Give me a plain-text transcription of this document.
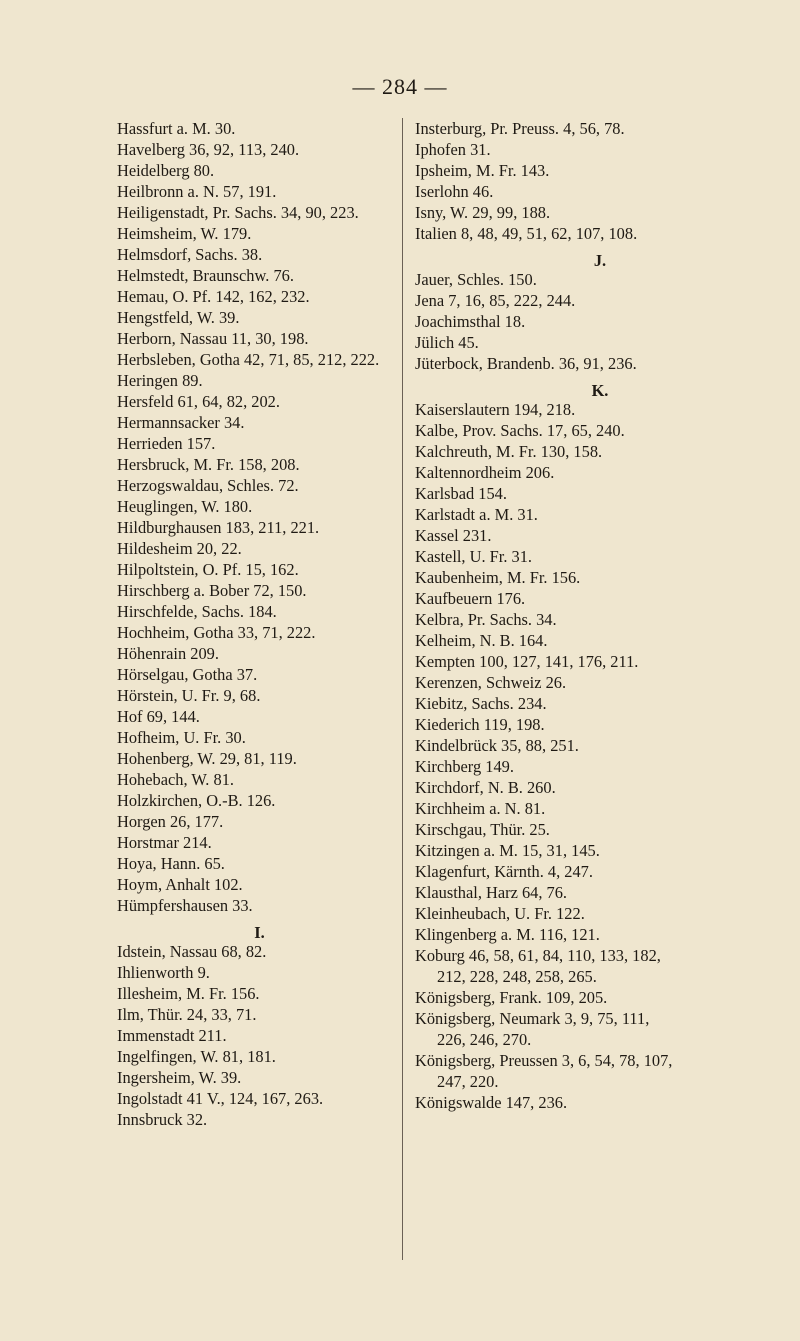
— 284 —
Hassfurt a. M. 30.
Havelberg 36, 92, 113, 240.
Heidelberg 80.
Heilbronn a. N. 57, 191.
Heiligenstadt, Pr. Sachs. 34, 90, 223.
Heimsheim, W. 179.
Helmsdorf, Sachs. 38.
Helmstedt, Braunschw. 76.
Hemau, O. Pf. 142, 162, 232.
Hengstfeld, W. 39.
Herborn, Nassau 11, 30, 198.
Herbsleben, Gotha 42, 71, 85, 212, 222.
Heringen 89.
Hersfeld 61, 64, 82, 202.
Hermannsacker 34.
Herrieden 157.
Hersbruck, M. Fr. 158, 208.
Herzogswaldau, Schles. 72.
Heuglingen, W. 180.
Hildburghausen 183, 211, 221.
Hildesheim 20, 22.
Hilpoltstein, O. Pf. 15, 162.
Hirschberg a. Bober 72, 150.
Hirschfelde, Sachs. 184.
Hochheim, Gotha 33, 71, 222.
Höhenrain 209.
Hörselgau, Gotha 37.
Hörstein, U. Fr. 9, 68.
Hof 69, 144.
Hofheim, U. Fr. 30.
Hohenberg, W. 29, 81, 119.
Hohebach, W. 81.
Holzkirchen, O.-B. 126.
Horgen 26, 177.
Horstmar 214.
Hoya, Hann. 65.
Hoym, Anhalt 102.
Hümpfershausen 33.
I.
Idstein, Nassau 68, 82.
Ihlienworth 9.
Illesheim, M. Fr. 156.
Ilm, Thür. 24, 33, 71.
Immenstadt 211.
Ingelfingen, W. 81, 181.
Ingersheim, W. 39.
Ingolstadt 41 V., 124, 167, 263.
Innsbruck 32.
Insterburg, Pr. Preuss. 4, 56, 78.
Iphofen 31.
Ipsheim, M. Fr. 143.
Iserlohn 46.
Isny, W. 29, 99, 188.
Italien 8, 48, 49, 51, 62, 107, 108.
J.
Jauer, Schles. 150.
Jena 7, 16, 85, 222, 244.
Joachimsthal 18.
Jülich 45.
Jüterbock, Brandenb. 36, 91, 236.
K.
Kaiserslautern 194, 218.
Kalbe, Prov. Sachs. 17, 65, 240.
Kalchreuth, M. Fr. 130, 158.
Kaltennordheim 206.
Karlsbad 154.
Karlstadt a. M. 31.
Kassel 231.
Kastell, U. Fr. 31.
Kaubenheim, M. Fr. 156.
Kaufbeuern 176.
Kelbra, Pr. Sachs. 34.
Kelheim, N. B. 164.
Kempten 100, 127, 141, 176, 211.
Kerenzen, Schweiz 26.
Kiebitz, Sachs. 234.
Kiederich 119, 198.
Kindelbrück 35, 88, 251.
Kirchberg 149.
Kirchdorf, N. B. 260.
Kirchheim a. N. 81.
Kirschgau, Thür. 25.
Kitzingen a. M. 15, 31, 145.
Klagenfurt, Kärnth. 4, 247.
Klausthal, Harz 64, 76.
Kleinheubach, U. Fr. 122.
Klingenberg a. M. 116, 121.
Koburg 46, 58, 61, 84, 110, 133, 182,
212, 228, 248, 258, 265.
Königsberg, Frank. 109, 205.
Königsberg, Neumark 3, 9, 75, 111,
226, 246, 270.
Königsberg, Preussen 3, 6, 54, 78, 107,
247, 220.
Königswalde 147, 236.
